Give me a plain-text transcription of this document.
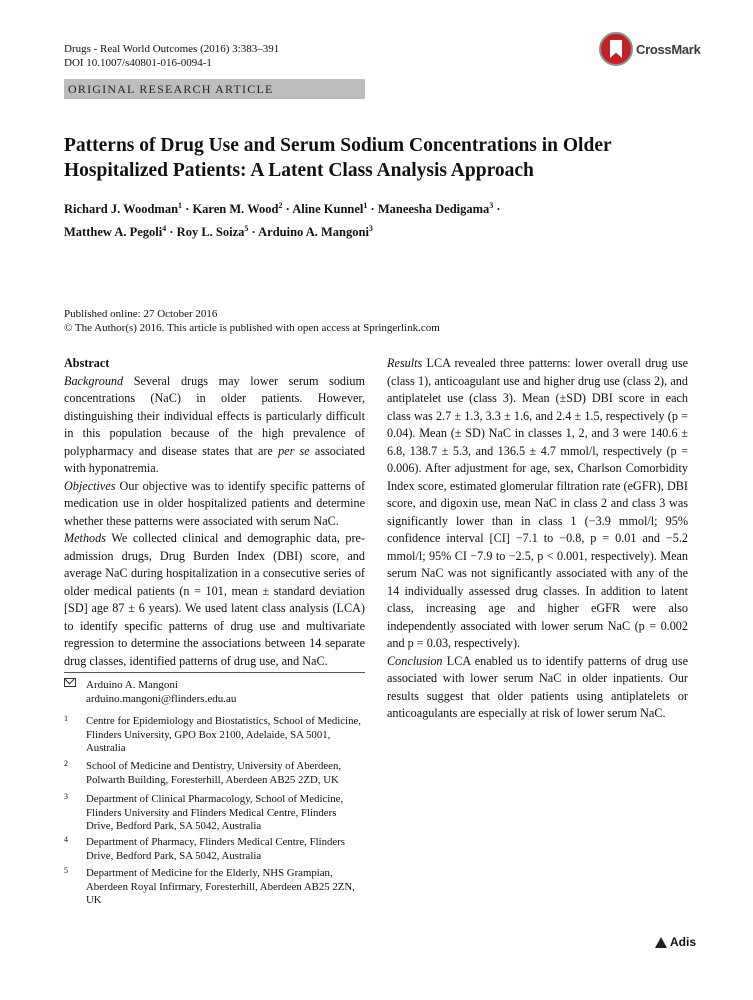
Drugs - Real World Outcomes (2016) 3:383–391
DOI 10.1007/s40801-016-0094-1
CrossMark
ORIGINAL RESEARCH ARTICLE
Patterns of Drug Use and Serum Sodium Concentrations in Older
Hospitalized Patients: A Latent Class Analysis Approach
Richard J. Woodman$^1$ · Karen M. Wood$^2$ · Aline Kunnel$^1$ · Maneesha Dedigama$^3$ ·
Matthew A. Pegoli$^4$ · Roy L. Soiza$^5$ · Arduino A. Mangoni$^3$
Published online: 27 October 2016
© The Author(s) 2016. This article is published with open access at Springerlink.com

Abstract

Background Several drugs may lower serum sodium concentrations (NaC) in older patients. However, distinguishing their individual effects is particularly difficult in this population because of the high prevalence of polypharmacy and disease states that are per se associated with hyponatremia.

Objectives Our objective was to identify specific patterns of medication use in older hospitalized patients and determine whether these patterns were associated with serum NaC.

Methods We collected clinical and demographic data, pre-admission drugs, Drug Burden Index (DBI) score, and average NaC during hospitalization in a consecutive series of older medical patients (n = 101, mean ± standard deviation [SD] age 87 ± 6 years). We used latent class analysis (LCA) to identify specific patterns of drug use and multivariate regression to determine the associations between 14 separate drug classes, identified patterns of drug use, and NaC.

Results LCA revealed three patterns: lower overall drug use (class 1), anticoagulant use and higher drug use (class 2), and antiplatelet use (class 3). Mean (±SD) DBI score in each class was 2.7 ± 1.3, 3.3 ± 1.6, and 2.4 ± 1.5, respectively (p = 0.04). Mean (± SD) NaC in classes 1, 2, and 3 were 140.6 ± 6.8, 138.7 ± 5.3, and 136.5 ± 4.7 mmol/l, respectively (p = 0.006). After adjustment for age, sex, Charlson Comorbidity Index score, estimated glomerular filtration rate (eGFR), DBI score, and digoxin use, mean NaC in class 2 and class 3 was significantly lower than in class 1 (−3.9 mmol/l; 95% confidence interval [CI] −7.1 to −0.8, p = 0.01 and −5.2 mmol/l; 95% CI −7.9 to −2.5, p < 0.001, respectively). Mean serum NaC was not significantly associated with any of the 14 individually assessed drug classes. In addition to latent class, increasing age and higher eGFR were also independently associated with lower serum NaC (p = 0.002 and p = 0.03, respectively).

Conclusion LCA enabled us to identify patterns of drug use associated with lower serum NaC in older inpatients. Our results suggest that older patients using antiplatelets or anticoagulants are especially at risk of lower serum NaC.

Arduino A. Mangoni
arduino.mangoni@flinders.edu.au
1	Centre for Epidemiology and Biostatistics, School of Medicine, Flinders University, GPO Box 2100, Adelaide, SA 5001, Australia
2	School of Medicine and Dentistry, University of Aberdeen, Polwarth Building, Foresterhill, Aberdeen AB25 2ZD, UK
3	Department of Clinical Pharmacology, School of Medicine, Flinders University and Flinders Medical Centre, Flinders Drive, Bedford Park, SA 5042, Australia
4	Department of Pharmacy, Flinders Medical Centre, Flinders Drive, Bedford Park, SA 5042, Australia
5	Department of Medicine for the Elderly, NHS Grampian, Aberdeen Royal Infirmary, Foresterhill, Aberdeen AB25 2ZN, UK
Adis
